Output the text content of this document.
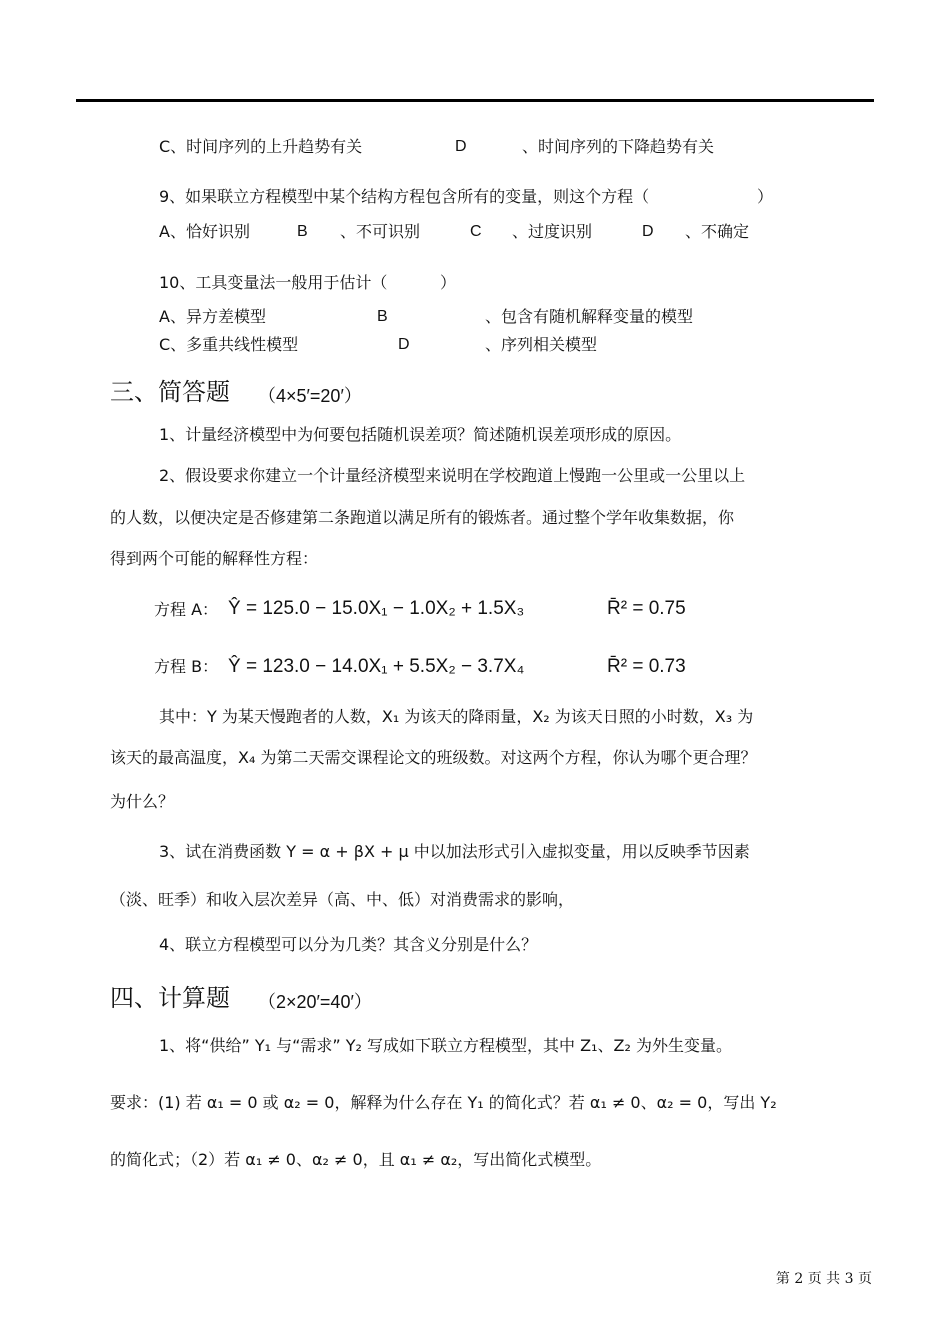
C、时间序列的上升趋势有关	D	、时间序列的下降趋势有关
9、如果联立方程模型中某个结构方程包含所有的变量，则这个方程（	）
A、恰好识别	B 、不可识别	C 、过度识别	D 、不确定
10、工具变量法一般用于估计（	）
A、异方差模型	B	、包含有随机解释变量的模型
C、多重共线性模型	D	、序列相关模型
三、简答题 （4×5′=20′）
1、计量经济模型中为何要包括随机误差项？简述随机误差项形成的原因。
2、假设要求你建立一个计量经济模型来说明在学校跑道上慢跑一公里或一公里以上
的人数，以便决定是否修建第二条跑道以满足所有的锻炼者。通过整个学年收集数据，你
得到两个可能的解释性方程：
方程 A： Ŷ = 125.0 − 15.0X₁ − 1.0X₂ + 1.5X₃	R̄² = 0.75
方程 B： Ŷ = 123.0 − 14.0X₁ + 5.5X₂ − 3.7X₄	R̄² = 0.73
其中：Y 为某天慢跑者的人数，X₁ 为该天的降雨量，X₂ 为该天日照的小时数，X₃ 为
该天的最高温度，X₄ 为第二天需交课程论文的班级数。对这两个方程，你认为哪个更合理？
为什么？
3、试在消费函数 Y = α + βX + μ 中以加法形式引入虚拟变量，用以反映季节因素
（淡、旺季）和收入层次差异（高、中、低）对消费需求的影响，
4、联立方程模型可以分为几类？其含义分别是什么？
四、计算题 （2×20′=40′）
1、将“供给” Y₁ 与“需求” Y₂ 写成如下联立方程模型，其中 Z₁、Z₂ 为外生变量。
要求：(1) 若 α₁ = 0 或 α₂ = 0，解释为什么存在 Y₁ 的简化式？若 α₁ ≠ 0、α₂ = 0，写出 Y₂
的简化式；（2）若 α₁ ≠ 0、α₂ ≠ 0，且 α₁ ≠ α₂，写出简化式模型。
第 2 页 共 3 页
